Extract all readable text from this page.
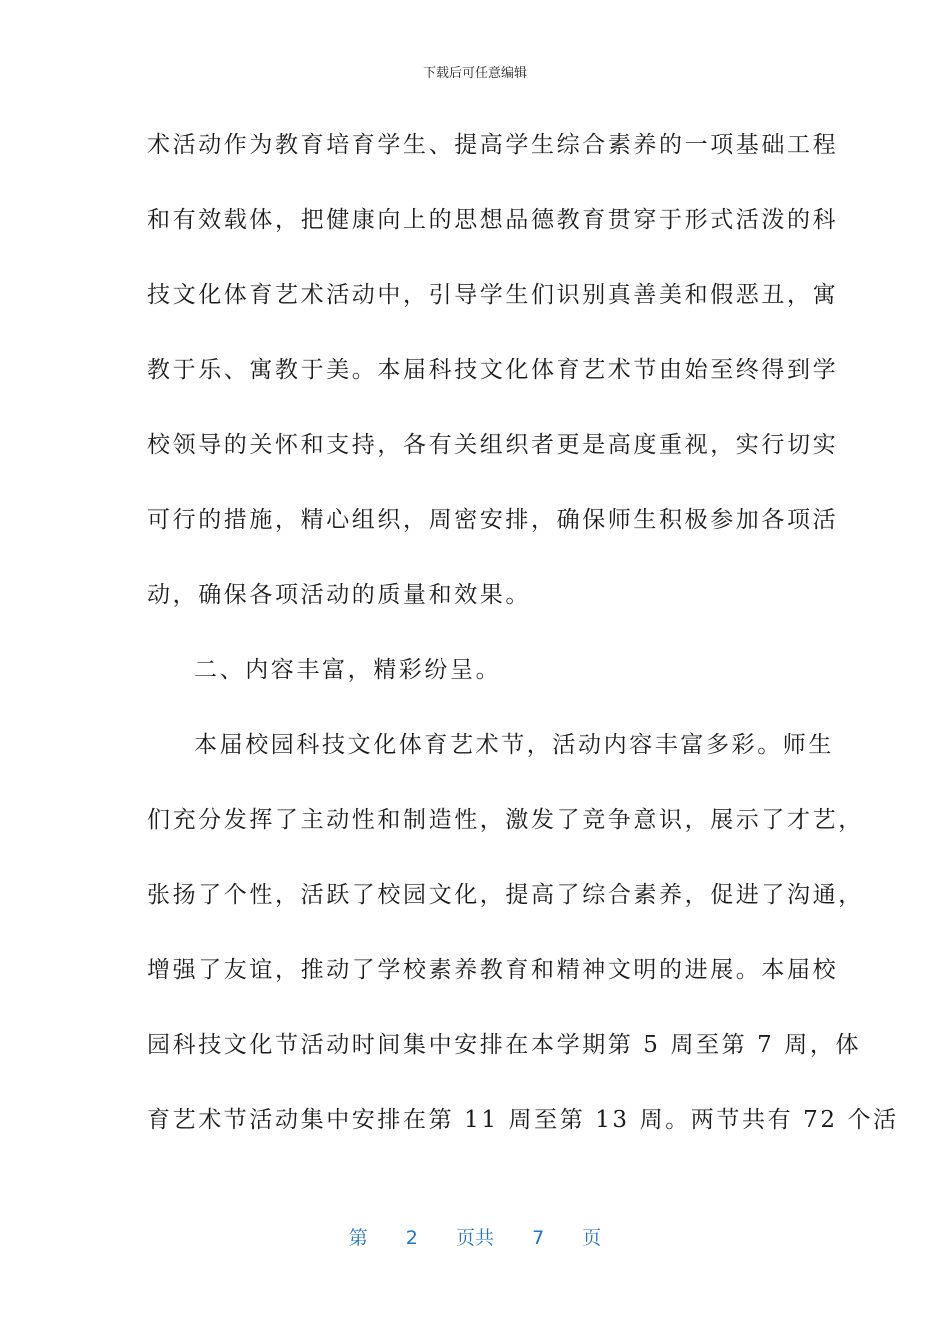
下载后可任意编辑
术活动作为教育培育学生、提高学生综合素养的一项基础工程
和有效载体，把健康向上的思想品德教育贯穿于形式活泼的科
技文化体育艺术活动中，引导学生们识别真善美和假恶丑，寓
教于乐、寓教于美。本届科技文化体育艺术节由始至终得到学
校领导的关怀和支持，各有关组织者更是高度重视，实行切实
可行的措施，精心组织，周密安排，确保师生积极参加各项活
动，确保各项活动的质量和效果。
二、内容丰富，精彩纷呈。
本届校园科技文化体育艺术节，活动内容丰富多彩。师生
们充分发挥了主动性和制造性，激发了竞争意识，展示了才艺，
张扬了个性，活跃了校园文化，提高了综合素养，促进了沟通，
增强了友谊，推动了学校素养教育和精神文明的进展。本届校
园科技文化节活动时间集中安排在本学期第 5 周至第 7 周，体
育艺术节活动集中安排在第 11 周至第 13 周。两节共有 72 个活
第 2 页共 7 页
